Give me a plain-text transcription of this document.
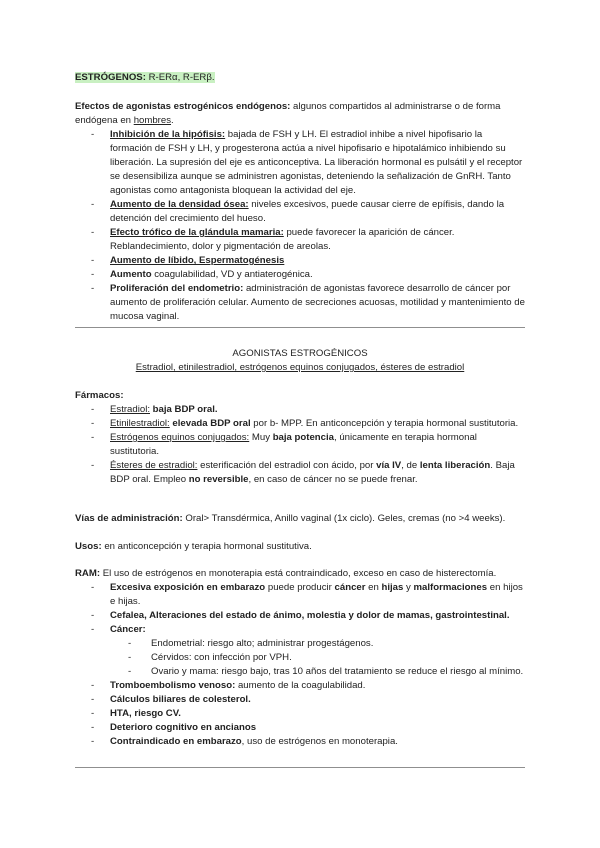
ESTRÓGENOS: R-ERα, R-ERβ.
Efectos de agonistas estrogénicos endógenos: algunos compartidos al administrarse o de forma endógena en hombres.
- Inhibición de la hipófisis: bajada de FSH y LH. El estradiol inhibe a nivel hipofisario la formación de FSH y LH, y progesterona actúa a nivel hipofisario e hipotalámico inhibiendo su liberación. La supresión del eje es anticonceptiva. La liberación hormonal es pulsátil y el receptor se desensibiliza aunque se administren agonistas, deteniendo la señalización de GnRH. Tanto agonistas como antagonista bloquean la actividad del eje.
- Aumento de la densidad ósea: niveles excesivos, puede causar cierre de epífisis, dando la detención del crecimiento del hueso.
- Efecto trófico de la glándula mamaria: puede favorecer la aparición de cáncer. Reblandecimiento, dolor y pigmentación de areolas.
- Aumento de líbido, Espermatogénesis
- Aumento coagulabilidad, VD y antiaterogénica.
- Proliferación del endometrio: administración de agonistas favorece desarrollo de cáncer por aumento de proliferación celular. Aumento de secreciones acuosas, motilidad y mantenimiento de mucosa vaginal.
AGONISTAS ESTROGÉNICOS
Estradiol, etinilestradiol, estrógenos equinos conjugados, ésteres de estradiol
Fármacos:
- Estradiol: baja BDP oral.
- Etinilestradiol: elevada BDP oral por b- MPP. En anticoncepción y terapia hormonal sustitutoria.
- Estrógenos equinos conjugados: Muy baja potencia, únicamente en terapia hormonal sustitutoria.
- Ésteres de estradiol: esterificación del estradiol con ácido, por vía IV, de lenta liberación. Baja BDP oral. Empleo no reversible, en caso de cáncer no se puede frenar.
Vías de administración: Oral> Transdérmica, Anillo vaginal (1x ciclo). Geles, cremas (no >4 weeks).
Usos: en anticoncepción y terapia hormonal sustitutiva.
RAM: El uso de estrógenos en monoterapia está contraindicado, exceso en caso de histerectomía.
- Excesiva exposición en embarazo puede producir cáncer en hijas y malformaciones en hijos e hijas.
- Cefalea, Alteraciones del estado de ánimo, molestia y dolor de mamas, gastrointestinal.
- Cáncer:
- Endometrial: riesgo alto; administrar progestágenos.
- Cérvidos: con infección por VPH.
- Ovario y mama: riesgo bajo, tras 10 años del tratamiento se reduce el riesgo al mínimo.
- Tromboembolismo venoso: aumento de la coagulabilidad.
- Cálculos biliares de colesterol.
- HTA, riesgo CV.
- Deterioro cognitivo en ancianos
- Contraindicado en embarazo, uso de estrógenos en monoterapia.
